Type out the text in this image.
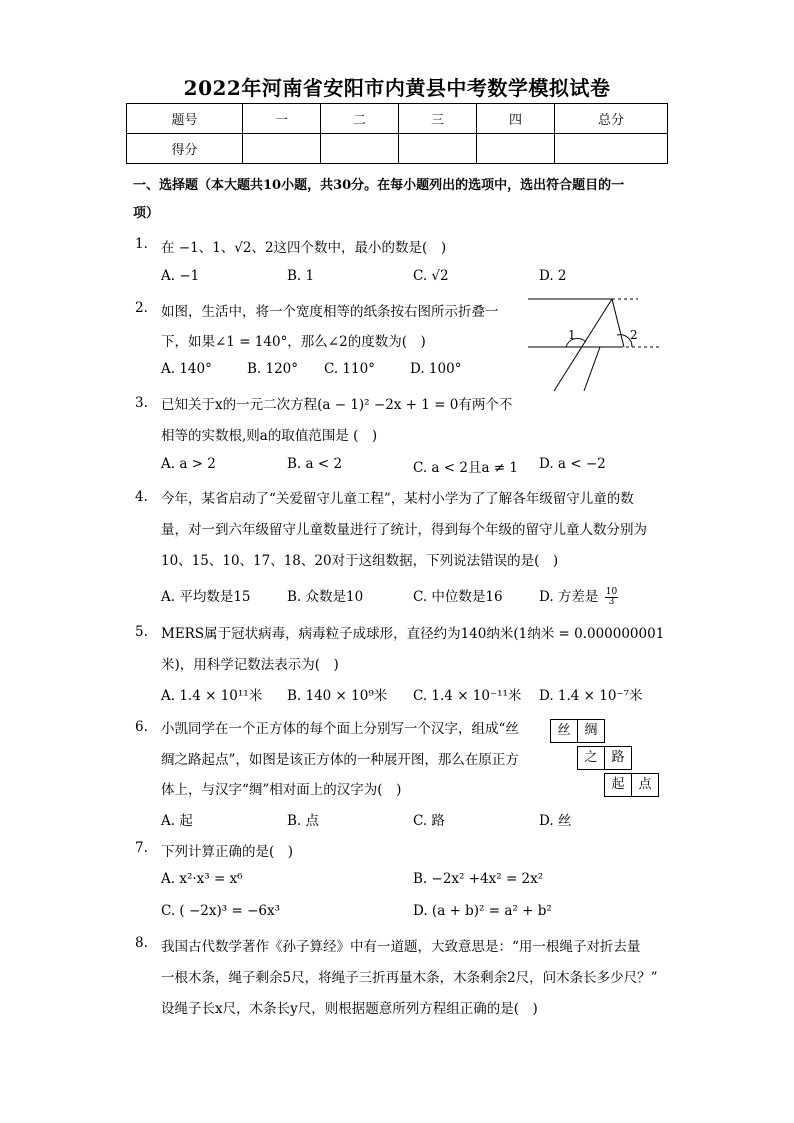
2022年河南省安阳市内黄县中考数学模拟试卷
题号	一	二	三	四	总分
得分					
一、选择题（本大题共10小题，共30分。在每小题列出的选项中，选出符合题目的一
项）
1. 在 −1、1、√2、2这四个数中，最小的数是(　)
A. −1	B. 1	C. √2	D. 2
2. 如图，生活中，将一个宽度相等的纸条按右图所示折叠一
下，如果∠1 = 140°，那么∠2的度数为(　)
A. 140°	B. 120° C. 110°	D. 100°
1	2
3. 已知关于x的一元二次方程(a − 1)² −2x + 1 = 0有两个不
相等的实数根,则a的取值范围是 (　)
A. a > 2	B. a < 2	C. a < 2且a ≠ 1 D. a < −2
4. 今年，某省启动了“关爱留守儿童工程”，某村小学为了了解各年级留守儿童的数
量，对一到六年级留守儿童数量进行了统计，得到每个年级的留守儿童人数分别为
10、15、10、17、18、20对于这组数据，下列说法错误的是(　)
A. 平均数是15	B. 众数是10	C. 中位数是16	D. 方差是 $\frac{10}{3}$
5. MERS属于冠状病毒，病毒粒子成球形，直径约为140纳米(1纳米 = 0.000000001
米)，用科学记数法表示为(　)
A. 1.4 × 10¹¹米 B. 140 × 10⁹米 C. 1.4 × 10⁻¹¹米 D. 1.4 × 10⁻⁷米
6. 小凯同学在一个正方体的每个面上分别写一个汉字，组成“丝
绸之路起点”，如图是该正方体的一种展开图，那么在原正方
体上，与汉字“绸”相对面上的汉字为(　)
A. 起	B. 点	C. 路	D. 丝
丝	绸
之	路
起	点
7. 下列计算正确的是(　)
A. x²·x³ = x⁶	B. −2x² +4x² = 2x²
C. ( −2x)³ = −6x³	D. (a + b)² = a² + b²
8. 我国古代数学著作《孙子算经》中有一道题，大致意思是：“用一根绳子对折去量
一根木条，绳子剩余5尺，将绳子三折再量木条，木条剩余2尺，问木条长多少尺？”
设绳子长x尺，木条长y尺，则根据题意所列方程组正确的是(　)
